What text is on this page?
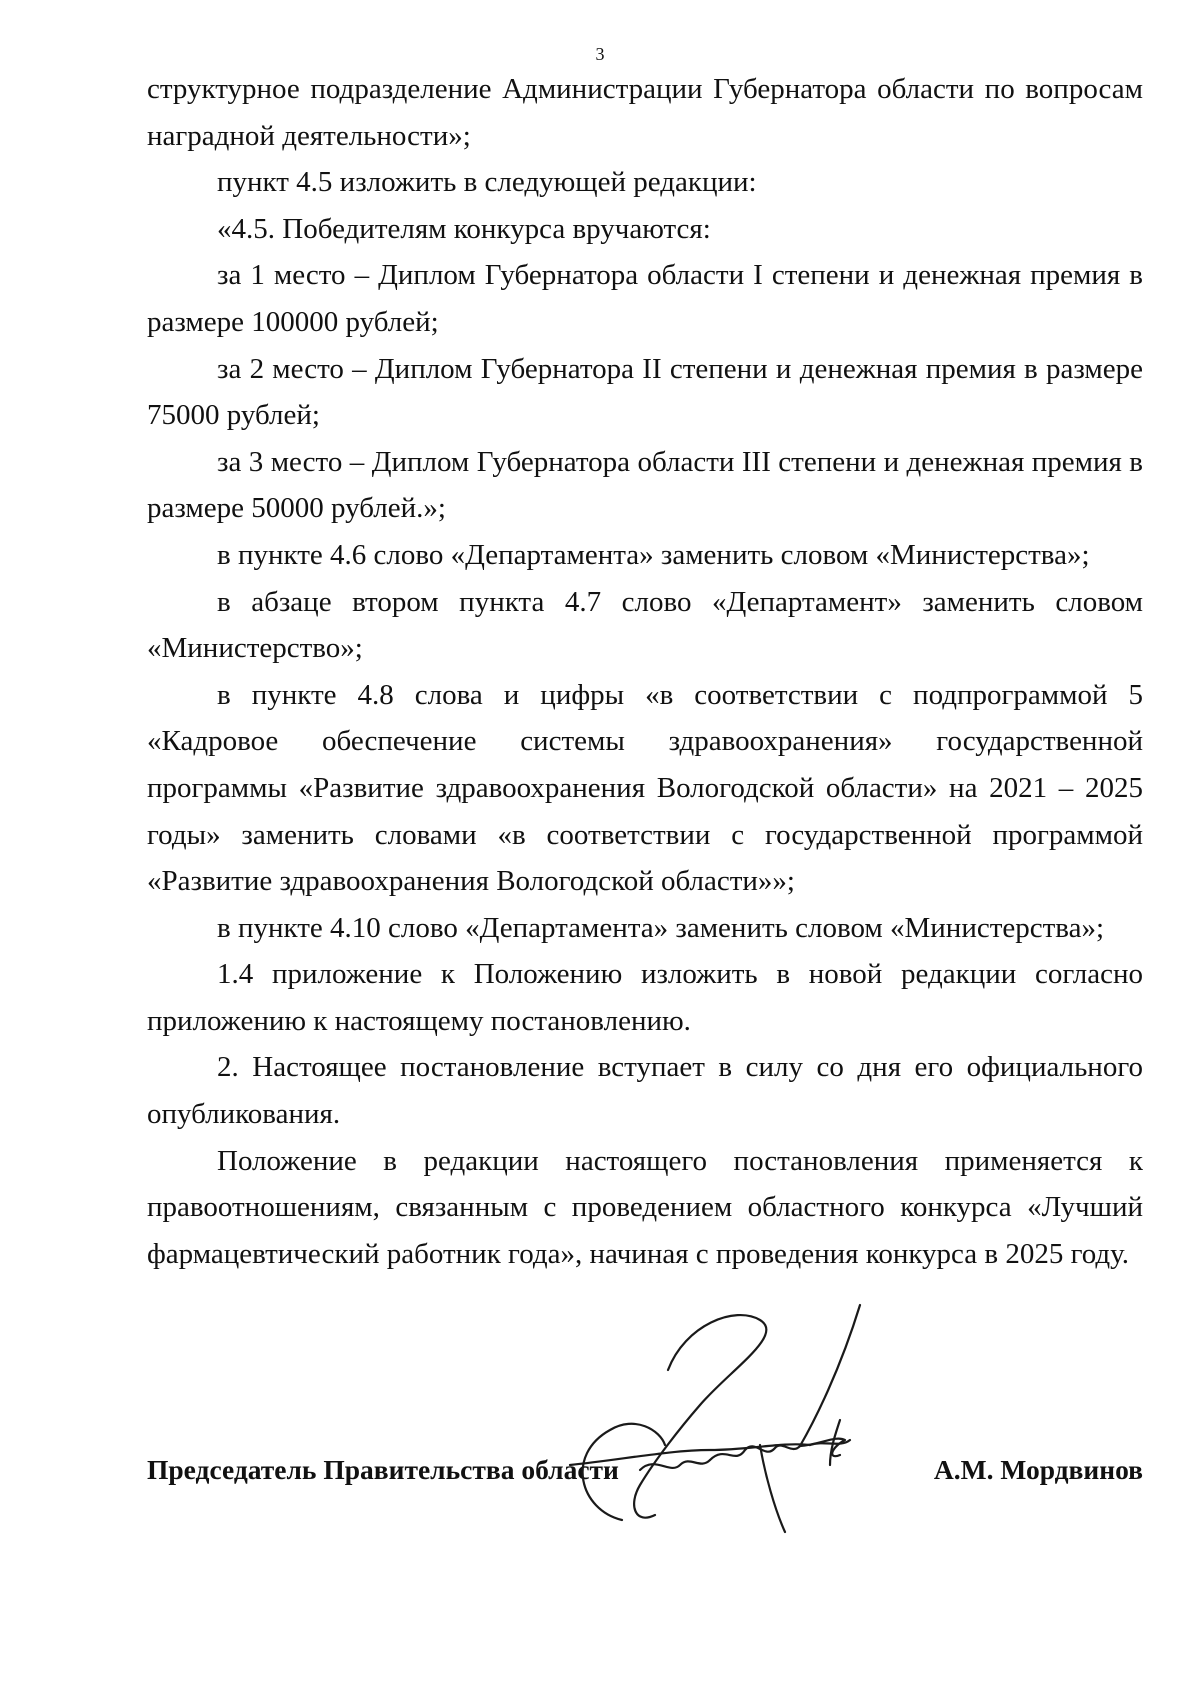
3

структурное подразделение Администрации Губернатора области по вопросам наградной деятельности»;

пункт 4.5 изложить в следующей редакции:

«4.5. Победителям конкурса вручаются:

за 1 место – Диплом Губернатора области I степени и денежная премия в размере 100000 рублей;

за 2 место – Диплом Губернатора II степени и денежная премия в размере 75000 рублей;

за 3 место – Диплом Губернатора области III степени и денежная премия в размере 50000 рублей.»;

в пункте 4.6 слово «Департамента» заменить словом «Министерства»;

в абзаце втором пункта 4.7 слово «Департамент» заменить словом «Министерство»;

в пункте 4.8 слова и цифры «в соответствии с подпрограммой 5 «Кадровое обеспечение системы здравоохранения» государственной программы «Развитие здравоохранения Вологодской области» на 2021 – 2025 годы» заменить словами «в соответствии с государственной программой «Развитие здравоохранения Вологодской области»»;

в пункте 4.10 слово «Департамента» заменить словом «Министерства»;

1.4 приложение к Положению изложить в новой редакции согласно приложению к настоящему постановлению.

2. Настоящее постановление вступает в силу со дня его официального опубликования.

Положение в редакции настоящего постановления применяется к правоотношениям, связанным с проведением областного конкурса «Лучший фармацевтический работник года», начиная с проведения конкурса в 2025 году.

Председатель Правительства области	А.М. Мордвинов
